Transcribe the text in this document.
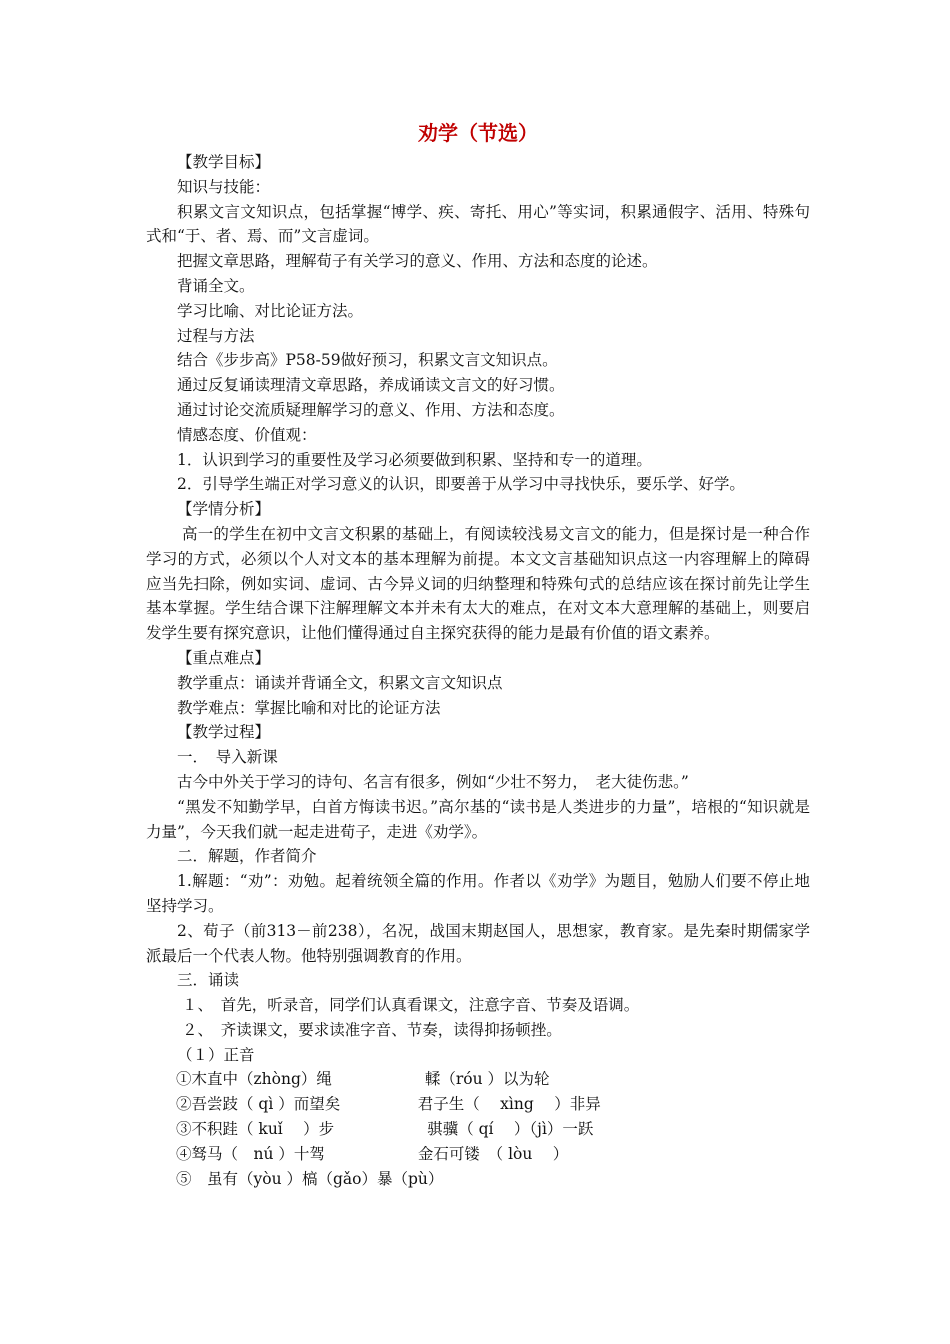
劝学（节选）

【教学目标】

知识与技能：

积累文言文知识点，包括掌握“博学、疾、寄托、用心”等实词，积累通假字、活用、特殊句式和“于、者、焉、而”文言虚词。

把握文章思路，理解荀子有关学习的意义、作用、方法和态度的论述。

背诵全文。

学习比喻、对比论证方法。

过程与方法

结合《步步高》P58-59做好预习，积累文言文知识点。

通过反复诵读理清文章思路，养成诵读文言文的好习惯。

通过讨论交流质疑理解学习的意义、作用、方法和态度。

情感态度、价值观：

1．认识到学习的重要性及学习必须要做到积累、坚持和专一的道理。

2．引导学生端正对学习意义的认识，即要善于从学习中寻找快乐，要乐学、好学。

【学情分析】

高一的学生在初中文言文积累的基础上，有阅读较浅易文言文的能力，但是探讨是一种合作学习的方式，必须以个人对文本的基本理解为前提。本文文言基础知识点这一内容理解上的障碍应当先扫除，例如实词、虚词、古今异义词的归纳整理和特殊句式的总结应该在探讨前先让学生基本掌握。学生结合课下注解理解文本并未有太大的难点，在对文本大意理解的基础上，则要启发学生要有探究意识，让他们懂得通过自主探究获得的能力是最有价值的语文素养。

【重点难点】

教学重点：诵读并背诵全文，积累文言文知识点

教学难点：掌握比喻和对比的论证方法

【教学过程】

一．　导入新课

古今中外关于学习的诗句、名言有很多，例如“少壮不努力，　老大徒伤悲。”

“黑发不知勤学早，白首方悔读书迟。”高尔基的“读书是人类进步的力量”，培根的“知识就是力量”，今天我们就一起走进荀子，走进《劝学》。

二．解题，作者简介

1.解题：“劝”：劝勉。起着统领全篇的作用。作者以《劝学》为题目，勉励人们要不停止地坚持学习。

2、荀子（前313－前238），名况，战国末期赵国人，思想家，教育家。是先秦时期儒家学派最后一个代表人物。他特别强调教育的作用。

三．诵读

１、　首先，听录音，同学们认真看课文，注意字音、节奏及语调。

２、　齐读课文，要求读准字音、节奏，读得抑扬顿挫。

（１）正音

①木直中（zhòng）绳　　　　　　輮（róu ）以为轮

②吾尝跂（ qì ）而望矣　　　　　君子生（　 xìng　 ）非异

③不积跬（ kuǐ　 ）步　　　　　　骐骥（ qí　 ）（jì）一跃

④驽马（　nú ）十驾　　　　　　金石可镂　（ lòu　 ）

⑤　虽有（yòu ）槁（gǎo）暴（pù）
